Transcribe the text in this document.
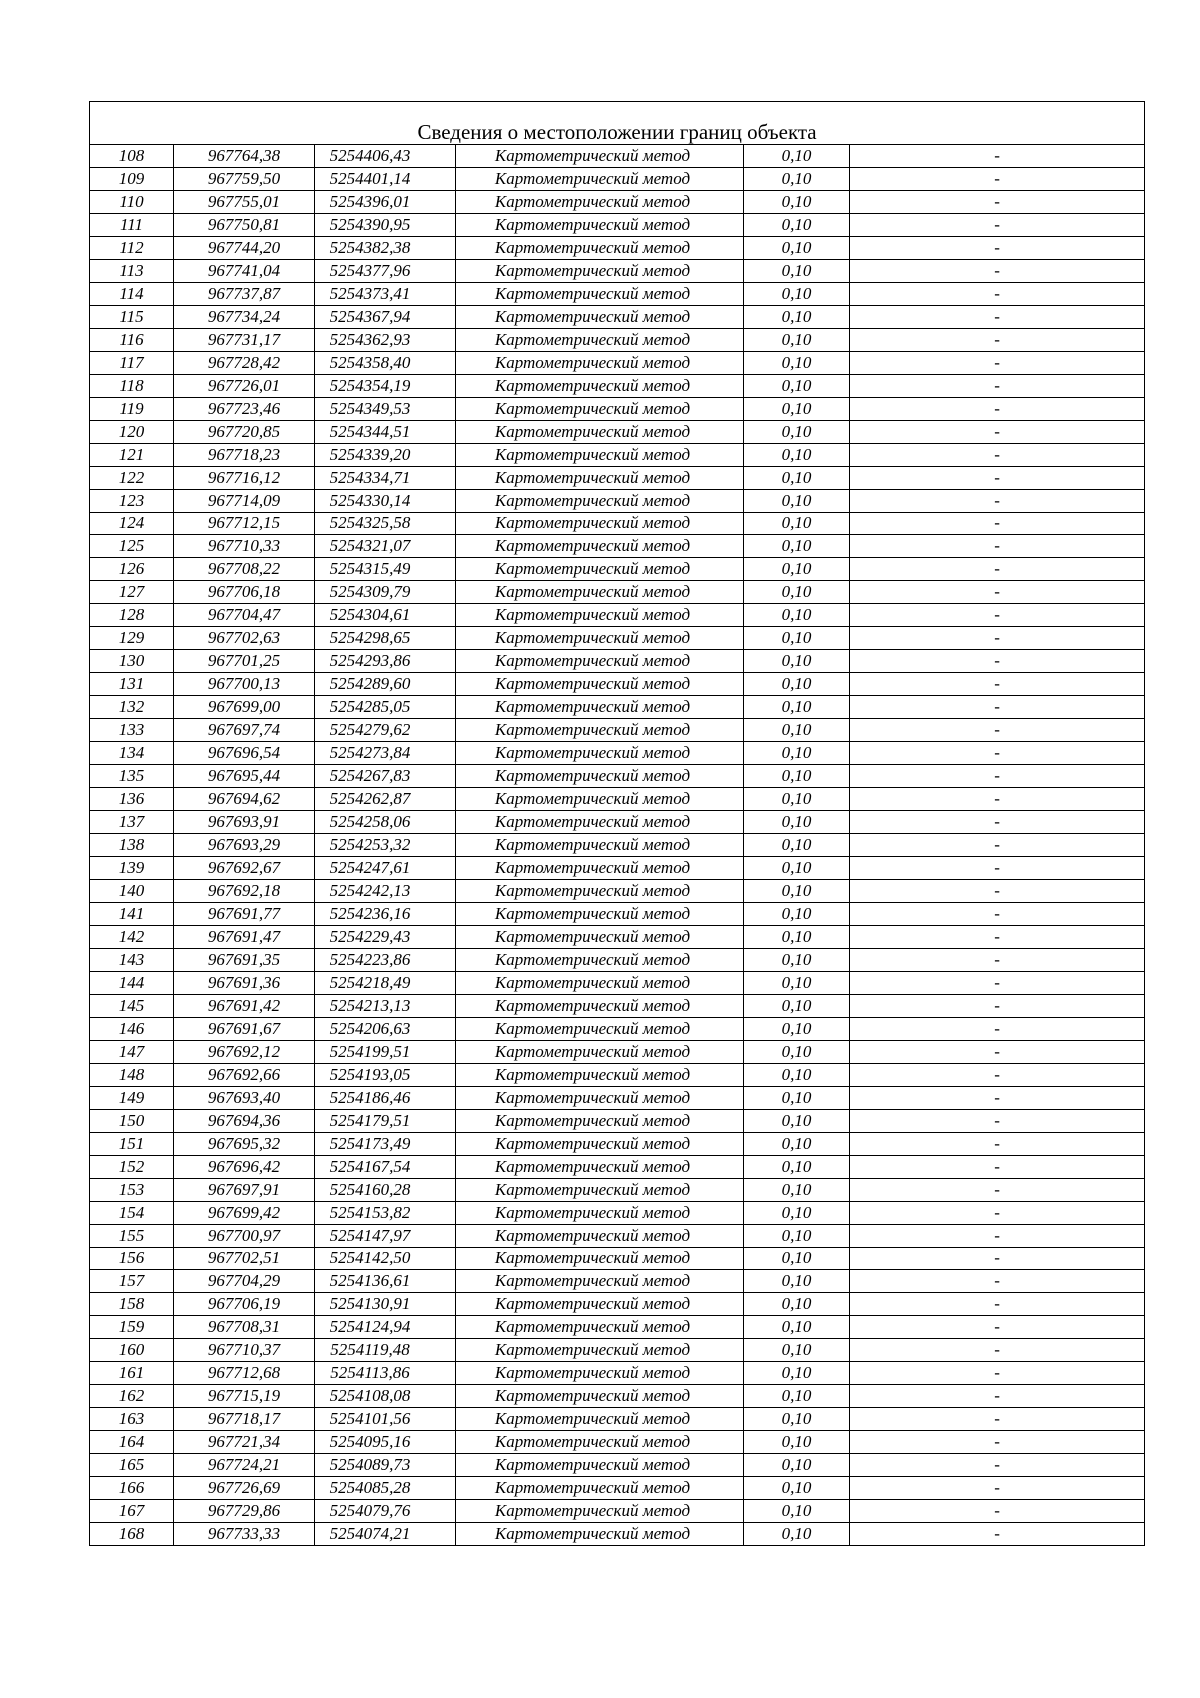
Сведения о местоположении границ объекта					
108	967764,38	5254406,43	Картометрический метод	0,10	-
109	967759,50	5254401,14	Картометрический метод	0,10	-
110	967755,01	5254396,01	Картометрический метод	0,10	-
111	967750,81	5254390,95	Картометрический метод	0,10	-
112	967744,20	5254382,38	Картометрический метод	0,10	-
113	967741,04	5254377,96	Картометрический метод	0,10	-
114	967737,87	5254373,41	Картометрический метод	0,10	-
115	967734,24	5254367,94	Картометрический метод	0,10	-
116	967731,17	5254362,93	Картометрический метод	0,10	-
117	967728,42	5254358,40	Картометрический метод	0,10	-
118	967726,01	5254354,19	Картометрический метод	0,10	-
119	967723,46	5254349,53	Картометрический метод	0,10	-
120	967720,85	5254344,51	Картометрический метод	0,10	-
121	967718,23	5254339,20	Картометрический метод	0,10	-
122	967716,12	5254334,71	Картометрический метод	0,10	-
123	967714,09	5254330,14	Картометрический метод	0,10	-
124	967712,15	5254325,58	Картометрический метод	0,10	-
125	967710,33	5254321,07	Картометрический метод	0,10	-
126	967708,22	5254315,49	Картометрический метод	0,10	-
127	967706,18	5254309,79	Картометрический метод	0,10	-
128	967704,47	5254304,61	Картометрический метод	0,10	-
129	967702,63	5254298,65	Картометрический метод	0,10	-
130	967701,25	5254293,86	Картометрический метод	0,10	-
131	967700,13	5254289,60	Картометрический метод	0,10	-
132	967699,00	5254285,05	Картометрический метод	0,10	-
133	967697,74	5254279,62	Картометрический метод	0,10	-
134	967696,54	5254273,84	Картометрический метод	0,10	-
135	967695,44	5254267,83	Картометрический метод	0,10	-
136	967694,62	5254262,87	Картометрический метод	0,10	-
137	967693,91	5254258,06	Картометрический метод	0,10	-
138	967693,29	5254253,32	Картометрический метод	0,10	-
139	967692,67	5254247,61	Картометрический метод	0,10	-
140	967692,18	5254242,13	Картометрический метод	0,10	-
141	967691,77	5254236,16	Картометрический метод	0,10	-
142	967691,47	5254229,43	Картометрический метод	0,10	-
143	967691,35	5254223,86	Картометрический метод	0,10	-
144	967691,36	5254218,49	Картометрический метод	0,10	-
145	967691,42	5254213,13	Картометрический метод	0,10	-
146	967691,67	5254206,63	Картометрический метод	0,10	-
147	967692,12	5254199,51	Картометрический метод	0,10	-
148	967692,66	5254193,05	Картометрический метод	0,10	-
149	967693,40	5254186,46	Картометрический метод	0,10	-
150	967694,36	5254179,51	Картометрический метод	0,10	-
151	967695,32	5254173,49	Картометрический метод	0,10	-
152	967696,42	5254167,54	Картометрический метод	0,10	-
153	967697,91	5254160,28	Картометрический метод	0,10	-
154	967699,42	5254153,82	Картометрический метод	0,10	-
155	967700,97	5254147,97	Картометрический метод	0,10	-
156	967702,51	5254142,50	Картометрический метод	0,10	-
157	967704,29	5254136,61	Картометрический метод	0,10	-
158	967706,19	5254130,91	Картометрический метод	0,10	-
159	967708,31	5254124,94	Картометрический метод	0,10	-
160	967710,37	5254119,48	Картометрический метод	0,10	-
161	967712,68	5254113,86	Картометрический метод	0,10	-
162	967715,19	5254108,08	Картометрический метод	0,10	-
163	967718,17	5254101,56	Картометрический метод	0,10	-
164	967721,34	5254095,16	Картометрический метод	0,10	-
165	967724,21	5254089,73	Картометрический метод	0,10	-
166	967726,69	5254085,28	Картометрический метод	0,10	-
167	967729,86	5254079,76	Картометрический метод	0,10	-
168	967733,33	5254074,21	Картометрический метод	0,10	-
